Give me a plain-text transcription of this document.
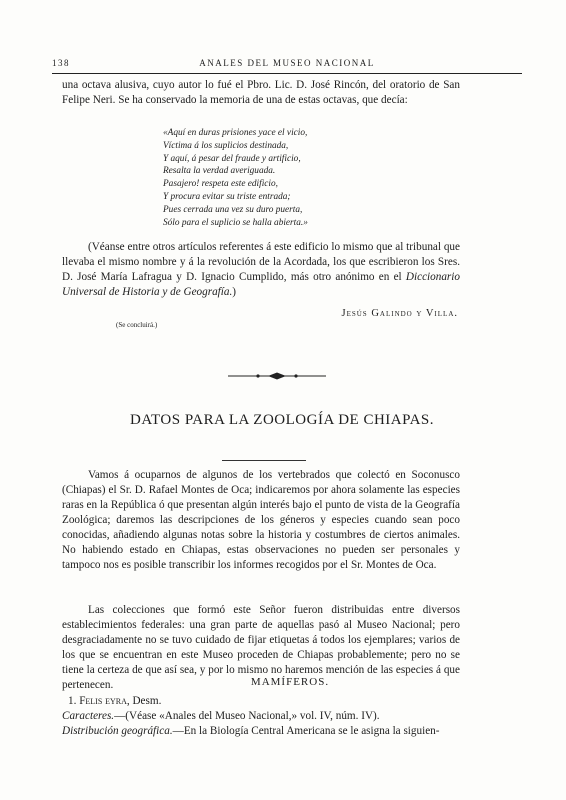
138	ANALES DEL MUSEO NACIONAL
una octava alusiva, cuyo autor lo fué el Pbro. Lic. D. José Rincón, del oratorio de San Felipe Neri. Se ha conservado la memoria de una de estas octavas, que decía:
«Aquí en duras prisiones yace el vicio,
Víctima á los suplicios destinada,
Y aquí, á pesar del fraude y artificio,
Resalta la verdad averiguada.
Pasajero! respeta este edificio,
Y procura evitar su triste entrada;
Pues cerrada una vez su duro puerta,
Sólo para el suplicio se halla abierta.»
(Véanse entre otros artículos referentes á este edificio lo mismo que al tribunal que llevaba el mismo nombre y á la revolución de la Acordada, los que escribieron los Sres. D. José María Lafragua y D. Ignacio Cumplido, más otro anónimo en el Diccionario Universal de Historia y de Geografía.)
Jesús Galindo y Villa.
(Se concluirá.)
DATOS PARA LA ZOOLOGÍA DE CHIAPAS.
Vamos á ocuparnos de algunos de los vertebrados que colectó en Soconusco (Chiapas) el Sr. D. Rafael Montes de Oca; indicaremos por ahora solamente las especies raras en la República ó que presentan algún interés bajo el punto de vista de la Geografía Zoológica; daremos las descripciones de los géneros y especies cuando sean poco conocidas, añadiendo algunas notas sobre la historia y costumbres de ciertos animales. No habiendo estado en Chiapas, estas observaciones no pueden ser personales y tampoco nos es posible transcribir los informes recogidos por el Sr. Montes de Oca.
Las colecciones que formó este Señor fueron distribuidas entre diversos establecimientos federales: una gran parte de aquellas pasó al Museo Nacional; pero desgraciadamente no se tuvo cuidado de fijar etiquetas á todos los ejemplares; varios de los que se encuentran en este Museo proceden de Chiapas probablemente; pero no se tiene la certeza de que así sea, y por lo mismo no haremos mención de las especies á que pertenecen.	MAMÍFEROS.
1. Felis eyra, Desm.
Caracteres.—(Véase «Anales del Museo Nacional,» vol. IV, núm. IV).
Distribución geográfica.—En la Biología Central Americana se le asigna la siguien-
